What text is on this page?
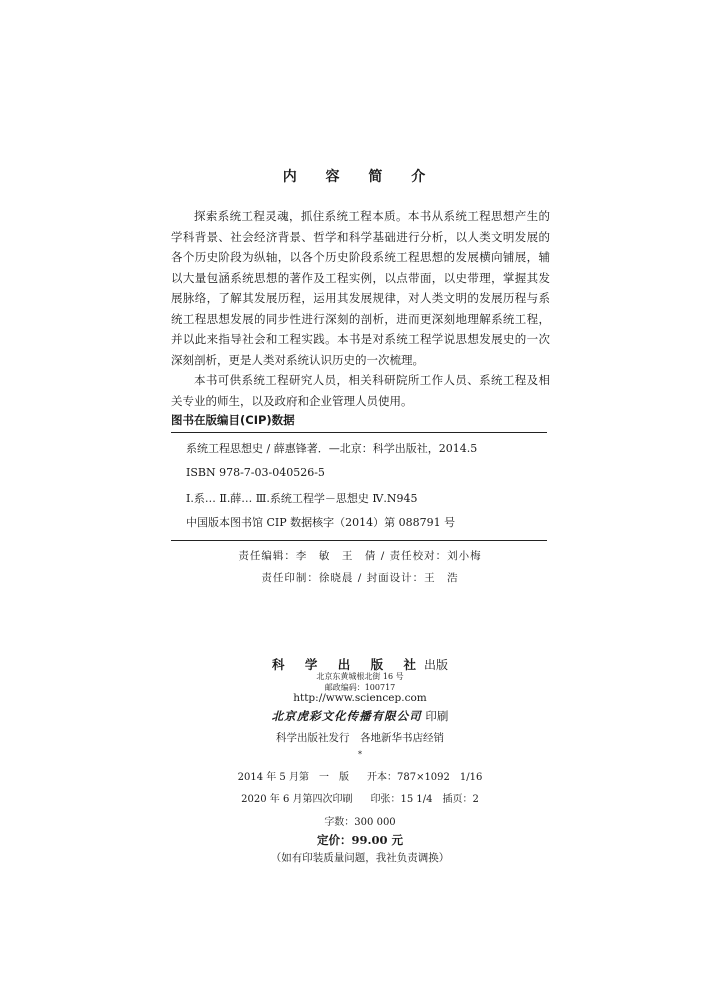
内 容 简 介

探索系统工程灵魂，抓住系统工程本质。本书从系统工程思想产生的学科背景、社会经济背景、哲学和科学基础进行分析，以人类文明发展的各个历史阶段为纵轴，以各个历史阶段系统工程思想的发展横向铺展，辅以大量包涵系统思想的著作及工程实例，以点带面，以史带理，掌握其发展脉络，了解其发展历程，运用其发展规律，对人类文明的发展历程与系统工程思想发展的同步性进行深刻的剖析，进而更深刻地理解系统工程，并以此来指导社会和工程实践。本书是对系统工程学说思想发展史的一次深刻剖析，更是人类对系统认识历史的一次梳理。

本书可供系统工程研究人员，相关科研院所工作人员、系统工程及相关专业的师生，以及政府和企业管理人员使用。

图书在版编目(CIP)数据
系统工程思想史 / 薛惠锋著．—北京：科学出版社，2014.5
ISBN 978-7-03-040526-5
Ⅰ.系… Ⅱ.薛… Ⅲ.系统工程学－思想史 Ⅳ.N945
中国版本图书馆 CIP 数据核字（2014）第 088791 号
责任编辑：李　敏　王　倩 / 责任校对：刘小梅
责任印制：徐晓晨 / 封面设计：王　浩
科 学 出 版 社出版
北京东黄城根北街 16 号
邮政编码：100717
http://www.sciencep.com
北京虎彩文化传播有限公司 印刷
科学出版社发行　各地新华书店经销
*
2014 年 5 月第　一　版 开本：787×1092　1/16
2020 年 6 月第四次印刷 印张：15 1/4　插页：2
字数：300 000
定价：99.00 元
（如有印装质量问题，我社负责调换）
